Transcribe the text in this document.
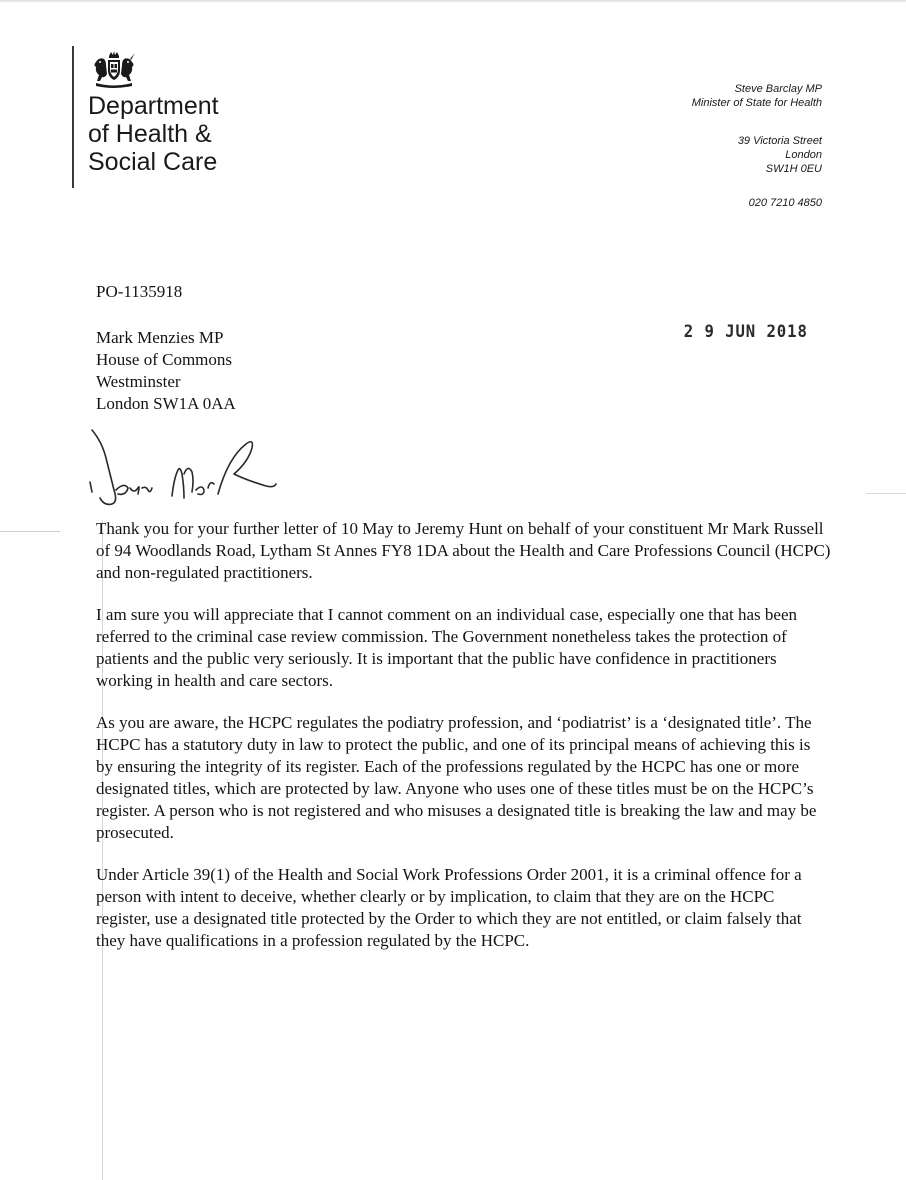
Department
of Health &
Social Care
Steve Barclay MP
Minister of State for Health
39 Victoria Street
London
SW1H 0EU
020 7210 4850
PO-1135918
2 9 JUN 2018
Mark Menzies MP
House of Commons
Westminster
London SW1A 0AA

Thank you for your further letter of 10 May to Jeremy Hunt on behalf of your constituent Mr Mark Russell of 94 Woodlands Road, Lytham St Annes FY8 1DA about the Health and Care Professions Council (HCPC) and non-regulated practitioners.

I am sure you will appreciate that I cannot comment on an individual case, especially one that has been referred to the criminal case review commission. The Government nonetheless takes the protection of patients and the public very seriously. It is important that the public have confidence in practitioners working in health and care sectors.

As you are aware, the HCPC regulates the podiatry profession, and ‘podiatrist’ is a ‘designated title’. The HCPC has a statutory duty in law to protect the public, and one of its principal means of achieving this is by ensuring the integrity of its register. Each of the professions regulated by the HCPC has one or more designated titles, which are protected by law. Anyone who uses one of these titles must be on the HCPC’s register. A person who is not registered and who misuses a designated title is breaking the law and may be prosecuted.

Under Article 39(1) of the Health and Social Work Professions Order 2001, it is a criminal offence for a person with intent to deceive, whether clearly or by implication, to claim that they are on the HCPC register, use a designated title protected by the Order to which they are not entitled, or claim falsely that they have qualifications in a profession regulated by the HCPC.
